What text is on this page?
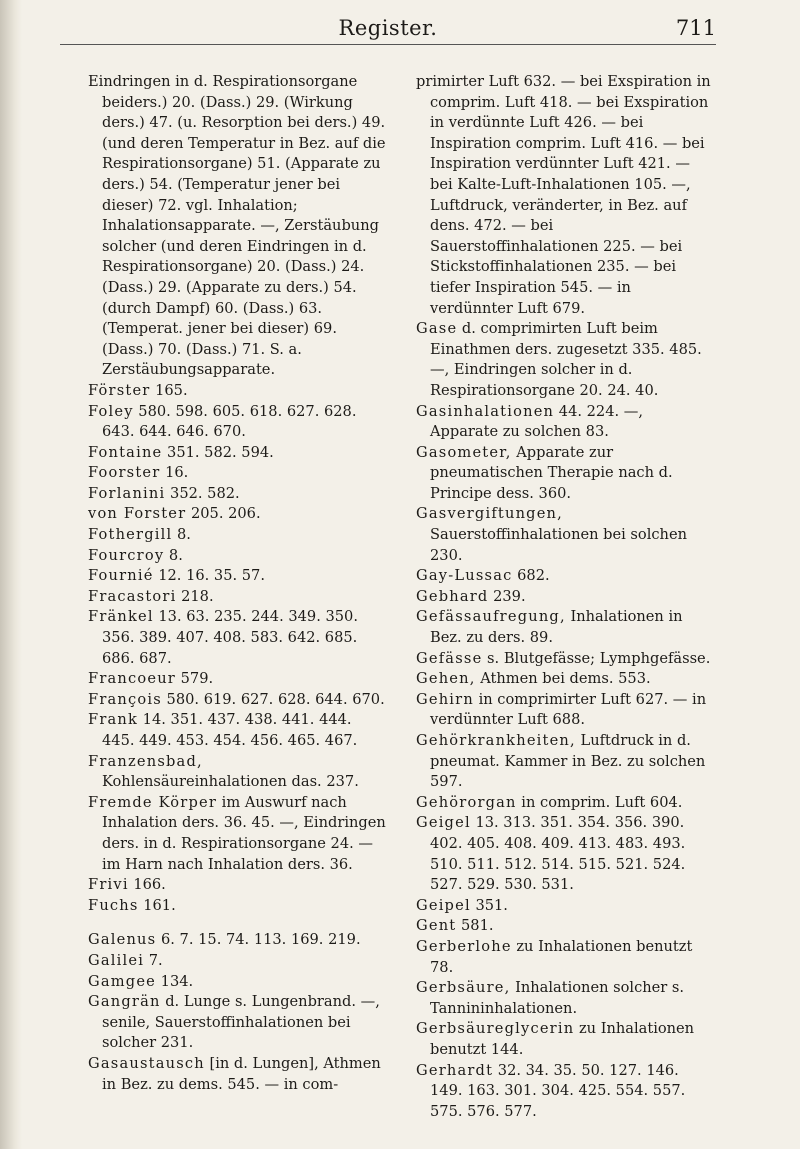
Register.	711

Eindringen in d. Respirationsorgane beiders.) 20. (Dass.) 29. (Wirkung ders.) 47. (u. Resorption bei ders.) 49. (und deren Temperatur in Bez. auf die Respirationsorgane) 51. (Apparate zu ders.) 54. (Temperatur jener bei dieser) 72. vgl. Inhalation; Inhalationsapparate. —, Zerstäubung solcher (und deren Eindringen in d. Respirationsorgane) 20. (Dass.) 24. (Dass.) 29. (Apparate zu ders.) 54. (durch Dampf) 60. (Dass.) 63. (Temperat. jener bei dieser) 69. (Dass.) 70. (Dass.) 71. S. a. Zerstäubungsapparate.

Förster 165.

Foley 580. 598. 605. 618. 627. 628. 643. 644. 646. 670.

Fontaine 351. 582. 594.

Foorster 16.

Forlanini 352. 582.

von Forster 205. 206.

Fothergill 8.

Fourcroy 8.

Fournié 12. 16. 35. 57.

Fracastori 218.

Fränkel 13. 63. 235. 244. 349. 350. 356. 389. 407. 408. 583. 642. 685. 686. 687.

Francoeur 579.

François 580. 619. 627. 628. 644. 670.

Frank 14. 351. 437. 438. 441. 444. 445. 449. 453. 454. 456. 465. 467.

Franzensbad, Kohlensäureinhalationen das. 237.

Fremde Körper im Auswurf nach Inhalation ders. 36. 45. —, Eindringen ders. in d. Respirationsorgane 24. — im Harn nach Inhalation ders. 36.

Frivi 166.

Fuchs 161.

Galenus 6. 7. 15. 74. 113. 169. 219.

Galilei 7.

Gamgee 134.

Gangrän d. Lunge s. Lungenbrand. —, senile, Sauerstoffinhalationen bei solcher 231.

Gasaustausch [in d. Lungen], Athmen in Bez. zu dems. 545. — in com-

primirter Luft 632. — bei Exspiration in comprim. Luft 418. — bei Exspiration in verdünnte Luft 426. — bei Inspiration comprim. Luft 416. — bei Inspiration verdünnter Luft 421. — bei Kalte-Luft-Inhalationen 105. —, Luftdruck, veränderter, in Bez. auf dens. 472. — bei Sauerstoffinhalationen 225. — bei Stickstoffinhalationen 235. — bei tiefer Inspiration 545. — in verdünnter Luft 679.

Gase d. comprimirten Luft beim Einathmen ders. zugesetzt 335. 485. —, Eindringen solcher in d. Respirationsorgane 20. 24. 40.

Gasinhalationen 44. 224. —, Apparate zu solchen 83.

Gasometer, Apparate zur pneumatischen Therapie nach d. Principe dess. 360.

Gasvergiftungen, Sauerstoffinhalationen bei solchen 230.

Gay-Lussac 682.

Gebhard 239.

Gefässaufregung, Inhalationen in Bez. zu ders. 89.

Gefässe s. Blutgefässe; Lymphgefässe.

Gehen, Athmen bei dems. 553.

Gehirn in comprimirter Luft 627. — in verdünnter Luft 688.

Gehörkrankheiten, Luftdruck in d. pneumat. Kammer in Bez. zu solchen 597.

Gehörorgan in comprim. Luft 604.

Geigel 13. 313. 351. 354. 356. 390. 402. 405. 408. 409. 413. 483. 493. 510. 511. 512. 514. 515. 521. 524. 527. 529. 530. 531.

Geipel 351.

Gent 581.

Gerberlohe zu Inhalationen benutzt 78.

Gerbsäure, Inhalationen solcher s. Tannininhalationen.

Gerbsäureglycerin zu Inhalationen benutzt 144.

Gerhardt 32. 34. 35. 50. 127. 146. 149. 163. 301. 304. 425. 554. 557. 575. 576. 577.
